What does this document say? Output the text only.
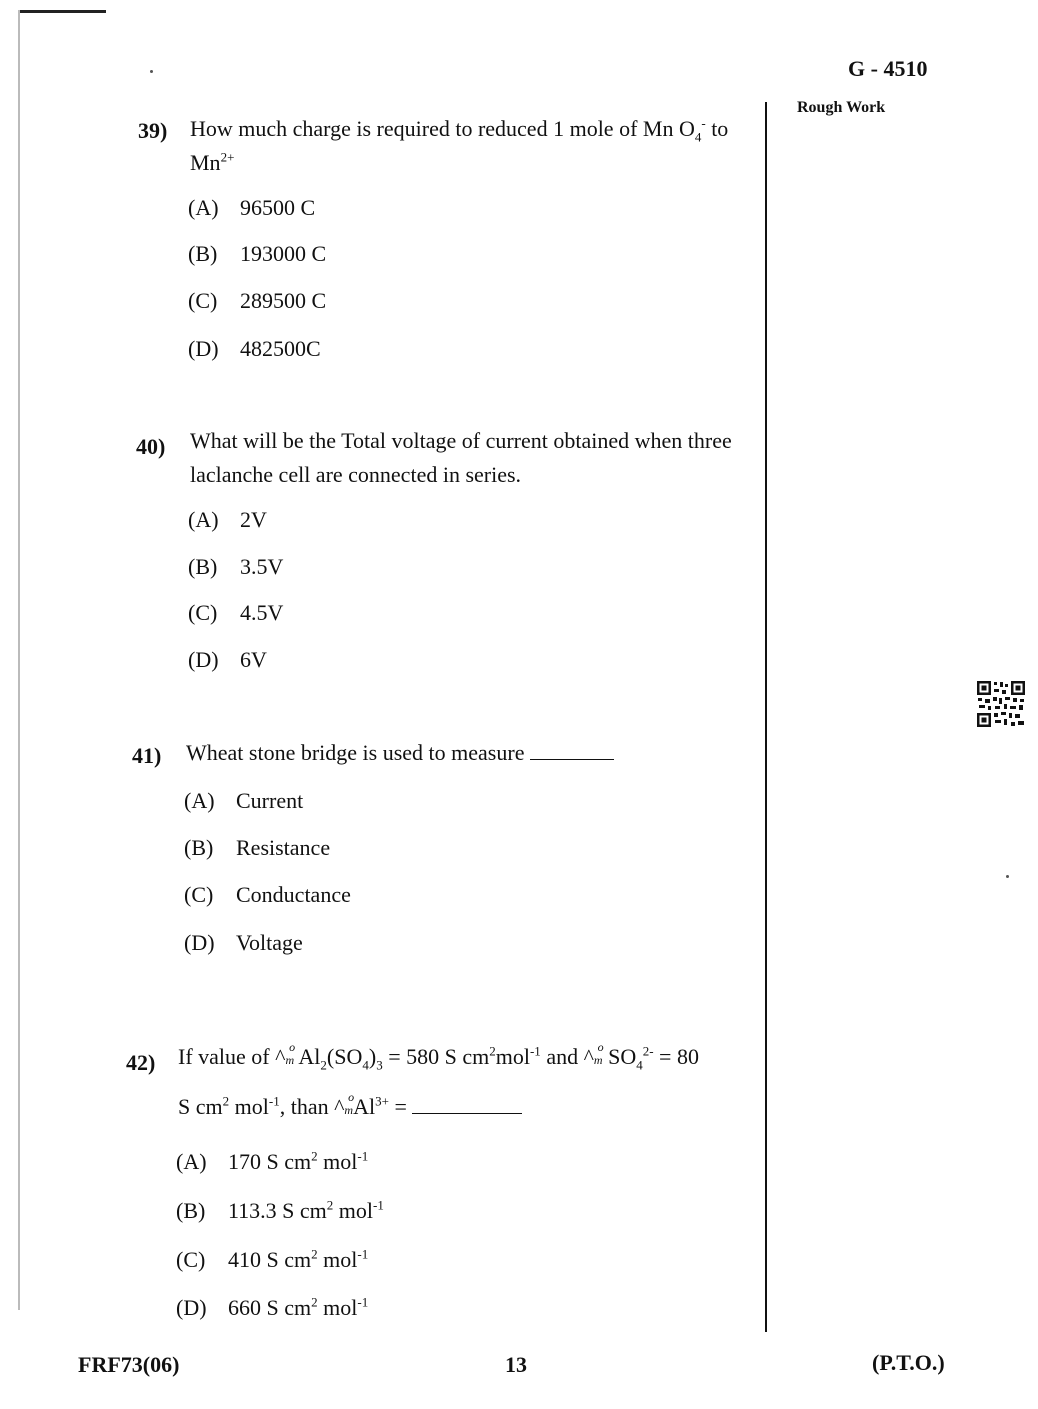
G - 4510
Rough Work
39) How much charge is required to reduced 1 mole of Mn $O_4^-$ to
$Mn^{2+}$
(A) 96500 C
(B) 193000 C
(C) 289500 C
(D) 482500C
40) What will be the Total voltage of current obtained when three
laclanche cell are connected in series.
(A) 2V
(B) 3.5V
(C) 4.5V
(D) 6V
41) Wheat stone bridge is used to measure
(A) Current
(B) Resistance
(C) Conductance
(D) Voltage
42) If value of ^ o
m $Al_2(SO_4)_3 = 580$ S $cm^2mol^{-1}$ and ^ o
m $SO_4^{2-} = 80$
S $cm^2$ mol$^{-1}$, than ^ o
mAl$^{3+}$ =
(A) 170 S $cm^2$ mol$^{-1}$
(B) 113.3 S $cm^2$ mol$^{-1}$
(C) 410 S $cm^2$ mol$^{-1}$
(D) 660 S $cm^2$ mol$^{-1}$
FRF73(06)	13	(P.T.O.)
